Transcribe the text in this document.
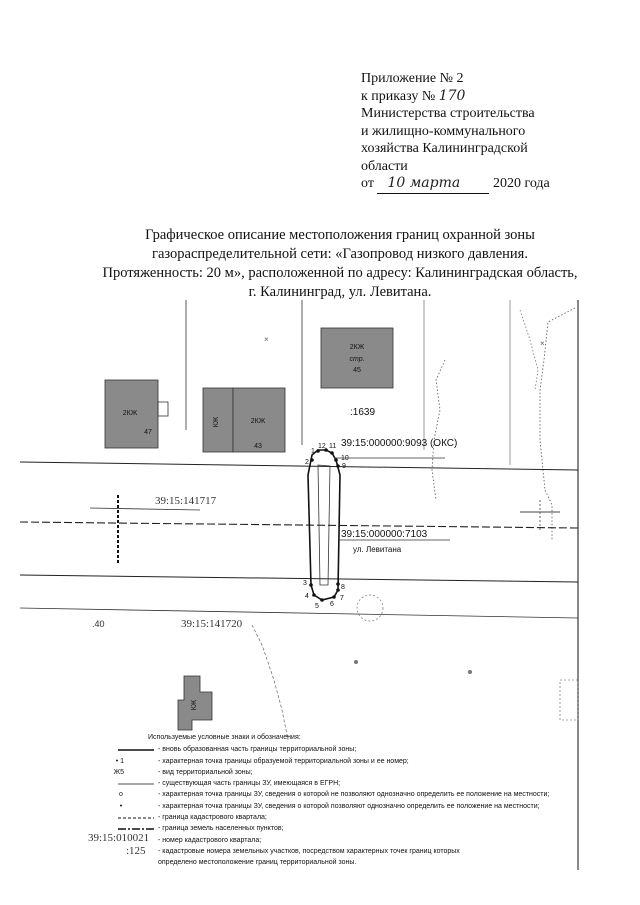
Приложение № 2
к приказу № 170
Министерства строительства
и жилищно-коммунального
хозяйства Калининградской
области
от 10 марта 2020 года
Графическое описание местоположения границ охранной зоны
газораспределительной сети: «Газопровод низкого давления.
Протяженность: 20 м», расположенной по адресу: Калининградская область,
г. Калининград, ул. Левитана.
2КЖ
стр.
45
2КЖ
47
КЖ	2КЖ
43
КЖ
1
2
12 11
10
9
3
4
5 6
7
8
:1639
39:15:000000:9093 (ОКС)
39:15:000000:7103
ул. Левитана
39:15:141717
39:15:141720
.40
×	×
Используемые условные знаки и обозначения:
- вновь образованная часть границы территориальной зоны;
• 1	- характерная точка границы образуемой территориальной зоны и ее номер;
Ж5	- вид территориальной зоны;
- существующая часть границы ЗУ, имеющаяся в ЕГРН;
o	- характерная точка границы ЗУ, сведения о которой не позволяют однозначно определить ее положение на местности;
•	- характерная точка границы ЗУ, сведения о которой позволяют однозначно определить ее положение на местности;
- граница кадастрового квартала;
- граница земель населенных пунктов;
39:15:010021 - номер кадастрового квартала;
:125 - кадастровые номера земельных участков, посредством характерных точек границ которых
определено местоположение границ территориальной зоны.
